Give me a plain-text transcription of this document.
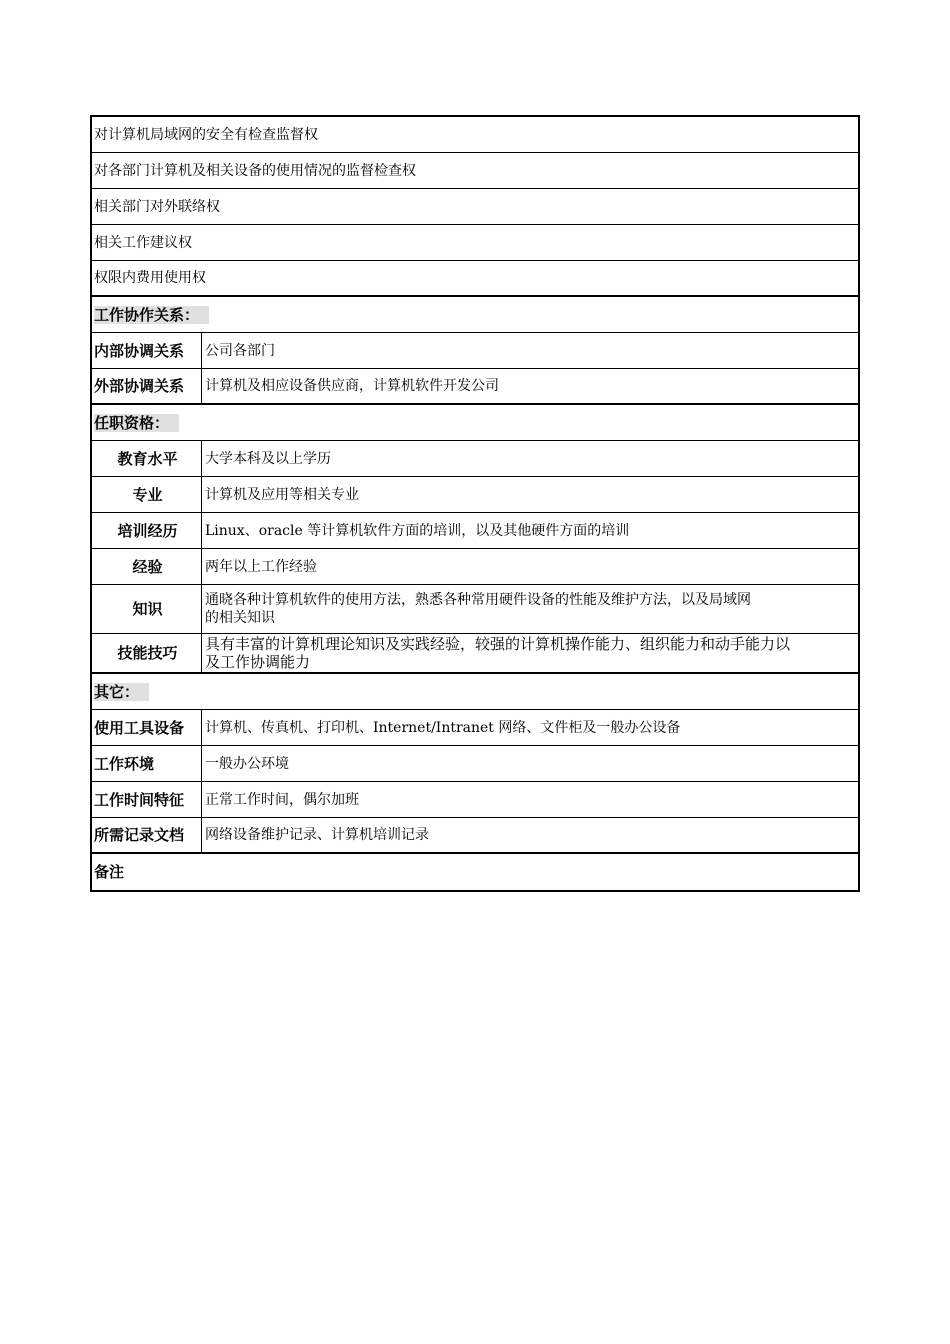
对计算机局域网的安全有检查监督权
对各部门计算机及相关设备的使用情况的监督检查权
相关部门对外联络权
相关工作建议权
权限内费用使用权
工作协作关系：
内部协调关系	公司各部门
外部协调关系	计算机及相应设备供应商，计算机软件开发公司
任职资格：
教育水平	大学本科及以上学历
专业	计算机及应用等相关专业
培训经历	Linux、oracle 等计算机软件方面的培训，以及其他硬件方面的培训
经验	两年以上工作经验
知识	通晓各种计算机软件的使用方法，熟悉各种常用硬件设备的性能及维护方法，以及局域网
的相关知识
技能技巧	具有丰富的计算机理论知识及实践经验，较强的计算机操作能力、组织能力和动手能力以
及工作协调能力
其它：
使用工具设备	计算机、传真机、打印机、Internet/Intranet 网络、文件柜及一般办公设备
工作环境	一般办公环境
工作时间特征	正常工作时间，偶尔加班
所需记录文档	网络设备维护记录、计算机培训记录
备注
